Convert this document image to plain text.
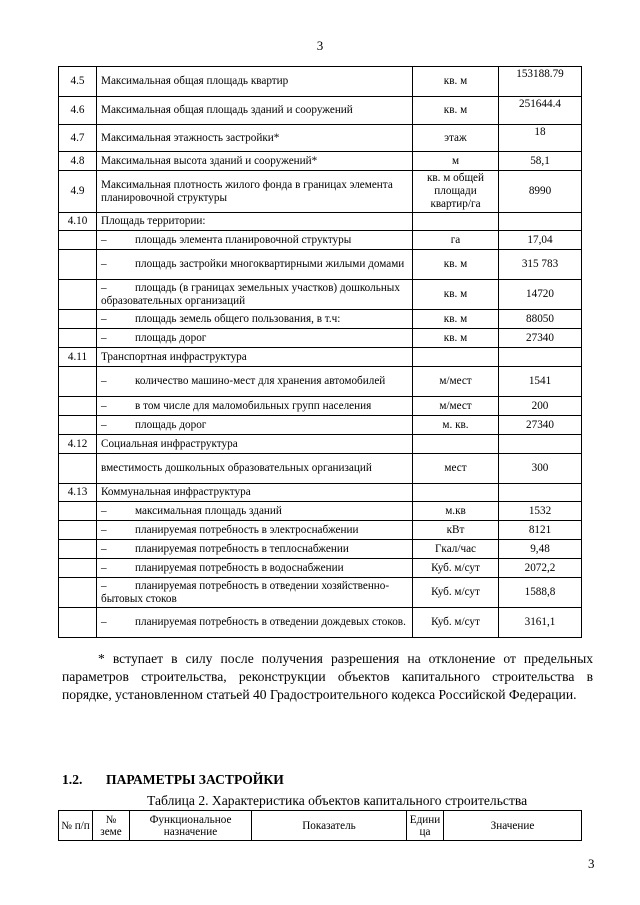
3
4.5	Максимальная общая площадь квартир	кв. м	153188.79
4.6	Максимальная общая площадь зданий и сооружений	кв. м	251644.4
4.7	Максимальная этажность застройки*	этаж	18
4.8	Максимальная высота зданий и сооружений*	м	58,1
4.9	Максимальная плотность жилого фонда в границах элемента планировочной структуры	кв. м общей площади квартир/га	8990
4.10	Площадь территории:		
	– площадь элемента планировочной структуры	га	17,04
	– площадь застройки многоквартирными жилыми домами	кв. м	315 783
	– площадь (в границах земельных участков) дошкольных образовательных организаций	кв. м	14720
	– площадь земель общего пользования, в т.ч:	кв. м	88050
	– площадь дорог	кв. м	27340
4.11	Транспортная инфраструктура		
	– количество машино-мест для хранения автомобилей	м/мест	1541
	– в том числе для маломобильных групп населения	м/мест	200
	– площадь дорог	м. кв.	27340
4.12	Социальная инфраструктура		
	вместимость дошкольных образовательных организаций	мест	300
4.13	Коммунальная инфраструктура		
	– максимальная площадь зданий	м.кв	1532
	– планируемая потребность в электроснабжении	кВт	8121
	– планируемая потребность в теплоснабжении	Гкал/час	9,48
	– планируемая потребность в водоснабжении	Куб. м/сут	2072,2
	– планируемая потребность в отведении хозяйственно-бытовых стоков	Куб. м/сут	1588,8
	– планируемая потребность в отведении дождевых стоков.	Куб. м/сут	3161,1

* вступает в силу после получения разрешения на отклонение от предельных параметров строительства, реконструкции объектов капитального строительства в порядке, установленном статьей 40 Градостроительного кодекса Российской Федерации.

1.2. ПАРАМЕТРЫ ЗАСТРОЙКИ
Таблица 2. Характеристика объектов капитального строительства
№ п/п	№ земе	Функциональное назначение	Показатель	Едини ца	Значение
3
